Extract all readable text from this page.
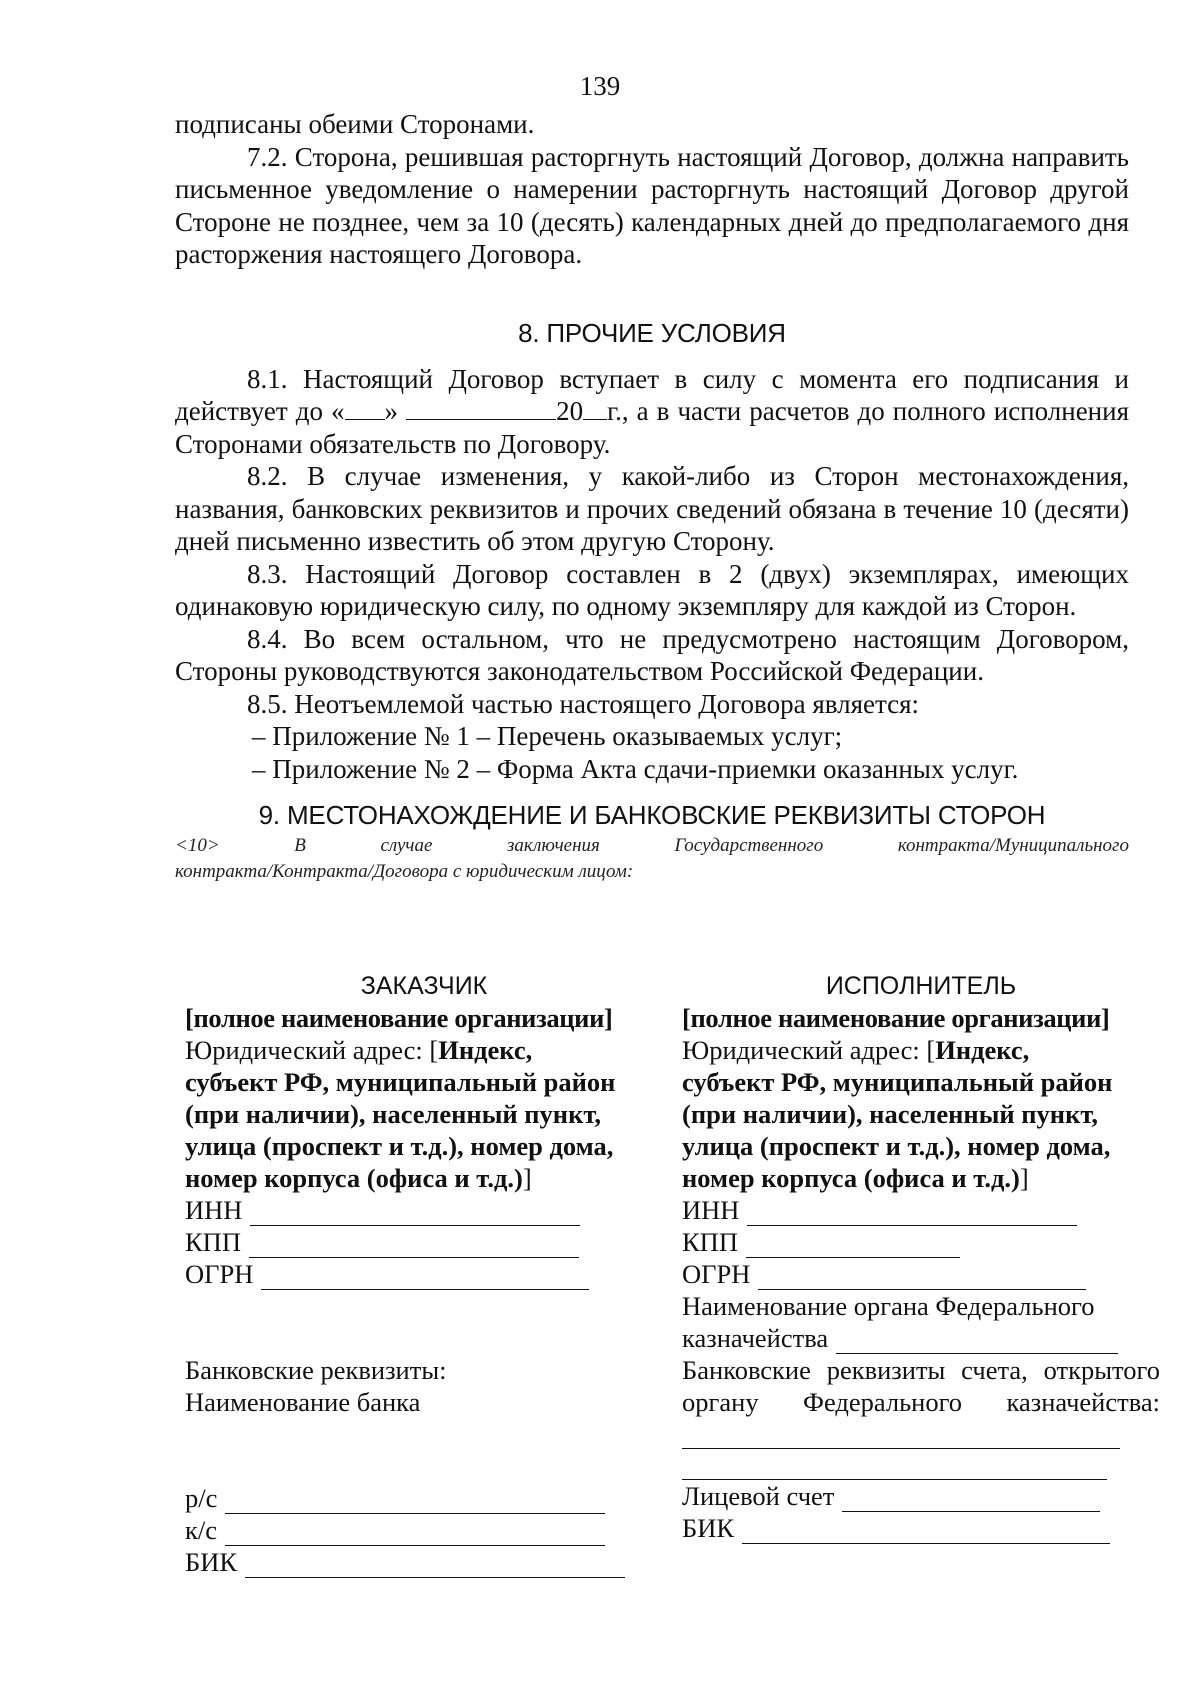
139

подписаны обеими Сторонами.

7.2. Сторона, решившая расторгнуть настоящий Договор, должна направить письменное уведомление о намерении расторгнуть настоящий Договор другой Стороне не позднее, чем за 10 (десять) календарных дней до предполагаемого дня расторжения настоящего Договора.

8. ПРОЧИЕ УСЛОВИЯ

8.1. Настоящий Договор вступает в силу с момента его подписания и действует до « »	20 г., а в части расчетов до полного исполнения Сторонами обязательств по Договору.

8.2. В случае изменения, у какой-либо из Сторон местонахождения, названия, банковских реквизитов и прочих сведений обязана в течение 10 (десяти) дней письменно известить об этом другую Сторону.

8.3. Настоящий Договор составлен в 2 (двух) экземплярах, имеющих одинаковую юридическую силу, по одному экземпляру для каждой из Сторон.

8.4. Во всем остальном, что не предусмотрено настоящим Договором, Стороны руководствуются законодательством Российской Федерации.

8.5. Неотъемлемой частью настоящего Договора является:

– Приложение № 1 – Перечень оказываемых услуг;
– Приложение № 2 – Форма Акта сдачи-приемки оказанных услуг.

9. МЕСТОНАХОЖДЕНИЕ И БАНКОВСКИЕ РЕКВИЗИТЫ СТОРОН

<10>	В	случае	заключения	Государственного	контракта/Муниципального
контракта/Контракта/Договора с юридическим лицом:
ЗАКАЗЧИК
[полное наименование организации]
Юридический адрес: [Индекс,
субъект РФ, муниципальный район
(при наличии), населенный пункт,
улица (проспект и т.д.), номер дома,
номер корпуса (офиса и т.д.)]
ИНН
КПП
ОГРН
Банковские реквизиты:
Наименование банка
р/с
к/с
БИК
ИСПОЛНИТЕЛЬ
[полное наименование организации]
Юридический адрес: [Индекс,
субъект РФ, муниципальный район
(при наличии), населенный пункт,
улица (проспект и т.д.), номер дома,
номер корпуса (офиса и т.д.)]
ИНН
КПП
ОГРН
Наименование органа Федерального
казначейства
Банковские реквизиты счета, открытого органу Федерального казначейства:
Лицевой счет
БИК
